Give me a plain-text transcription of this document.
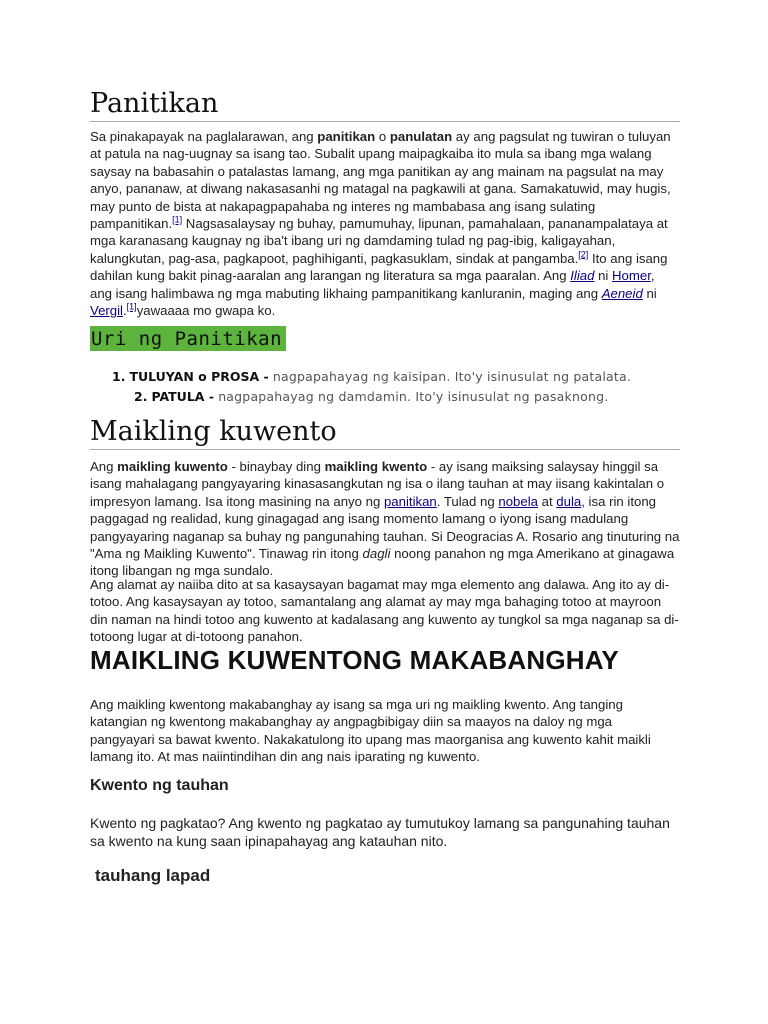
Panitikan

Sa pinakapayak na paglalarawan, ang panitikan o panulatan ay ang pagsulat ng tuwiran o tuluyan at patula na nag-uugnay sa isang tao. Subalit upang maipagkaiba ito mula sa ibang mga walang saysay na babasahin o patalastas lamang, ang mga panitikan ay ang mainam na pagsulat na may anyo, pananaw, at diwang nakasasanhi ng matagal na pagkawili at gana. Samakatuwid, may hugis, may punto de bista at nakapagpapahaba ng interes ng mambabasa ang isang sulating pampanitikan.[1] Nagsasalaysay ng buhay, pamumuhay, lipunan, pamahalaan, pananampalataya at mga karanasang kaugnay ng iba't ibang uri ng damdaming tulad ng pag-ibig, kaligayahan, kalungkutan, pag-asa, pagkapoot, paghihiganti, pagkasuklam, sindak at pangamba.[2] Ito ang isang dahilan kung bakit pinag-aaralan ang larangan ng literatura sa mga paaralan. Ang Iliad ni Homer, ang isang halimbawa ng mga mabuting likhaing pampanitikang kanluranin, maging ang Aeneid ni Vergil.[1]yawaaaa mo gwapa ko.

Uri ng Panitikan
1. TULUYAN o PROSA - nagpapahayag ng kaisipan. Ito'y isinusulat ng patalata.
2. PATULA - nagpapahayag ng damdamin. Ito'y isinusulat ng pasaknong.
Maikling kuwento

Ang maikling kuwento - binaybay ding maikling kwento - ay isang maiksing salaysay hinggil sa isang mahalagang pangyayaring kinasasangkutan ng isa o ilang tauhan at may iisang kakintalan o impresyon lamang. Isa itong masining na anyo ng panitikan. Tulad ng nobela at dula, isa rin itong paggagad ng realidad, kung ginagagad ang isang momento lamang o iyong isang madulang pangyayaring naganap sa buhay ng pangunahing tauhan. Si Deogracias A. Rosario ang tinuturing na "Ama ng Maikling Kuwento". Tinawag rin itong dagli noong panahon ng mga Amerikano at ginagawa itong libangan ng mga sundalo.

Ang alamat ay naiiba dito at sa kasaysayan bagamat may mga elemento ang dalawa. Ang ito ay di-totoo. Ang kasaysayan ay totoo, samantalang ang alamat ay may mga bahaging totoo at mayroon din naman na hindi totoo ang kuwento at kadalasang ang kuwento ay tungkol sa mga naganap sa di-totoong lugar at di-totoong panahon.

MAIKLING KUWENTONG MAKABANGHAY

Ang maikling kwentong makabanghay ay isang sa mga uri ng maikling kwento. Ang tanging katangian ng kwentong makabanghay ay angpagbibigay diin sa maayos na daloy ng mga pangyayari sa bawat kwento. Nakakatulong ito upang mas maorganisa ang kuwento kahit maikli lamang ito. At mas naiintindihan din ang nais iparating ng kuwento.

Kwento ng tauhan

Kwento ng pagkatao? Ang kwento ng pagkatao ay tumutukoy lamang sa pangunahing tauhan sa kwento na kung saan ipinapahayag ang katauhan nito.

tauhang lapad
